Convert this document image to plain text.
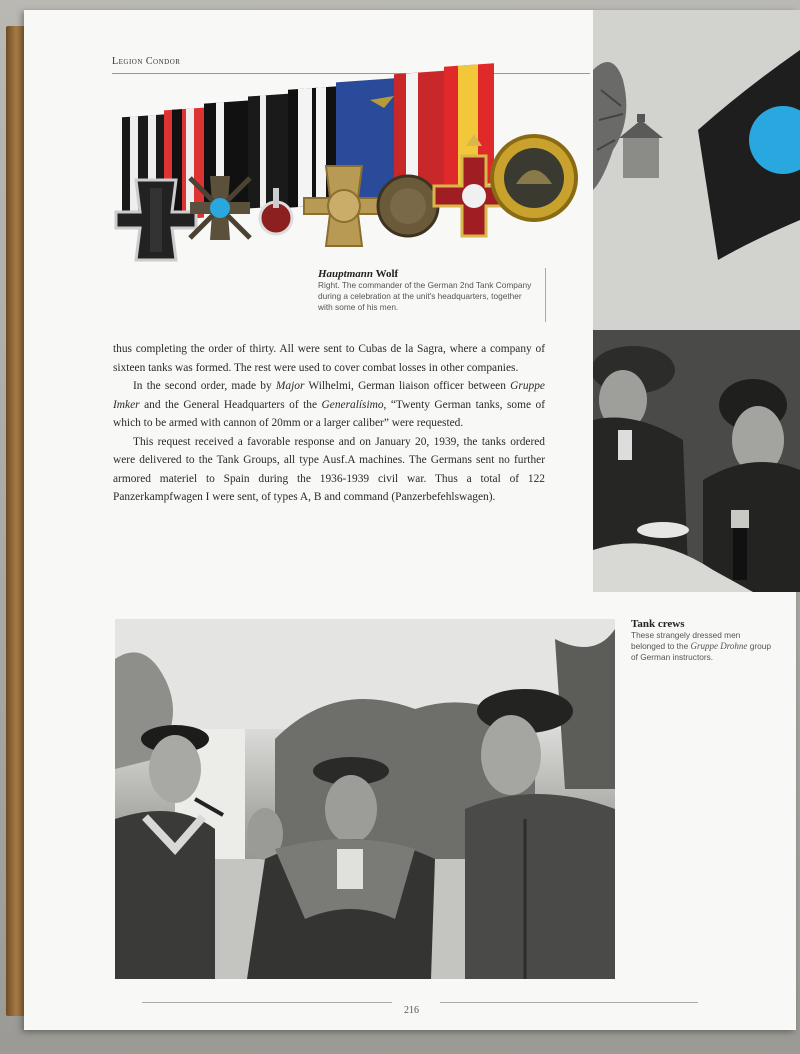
Legion Condor
Hauptmann Wolf
Right. The commander of the German 2nd Tank Company during a celebration at the unit's headquarters, together with some of his men.

thus completing the order of thirty. All were sent to Cubas de la Sagra, where a company of sixteen tanks was formed. The rest were used to cover combat losses in other companies.

In the second order, made by Major Wilhelmi, German liaison officer between Gruppe Imker and the General Headquarters of the Generalísimo, “Twenty German tanks, some of which to be armed with cannon of 20mm or a larger caliber” were requested.

This request received a favorable response and on January 20, 1939, the tanks ordered were delivered to the Tank Groups, all type Ausf.A machines. The Germans sent no further armored materiel to Spain during the 1936-1939 civil war. Thus a total of 122 Panzerkampfwagen I were sent, of types A, B and command (Panzerbefehlswagen).

Tank crews
These strangely dressed men belonged to the Gruppe Drohne group of German instructors.
216
